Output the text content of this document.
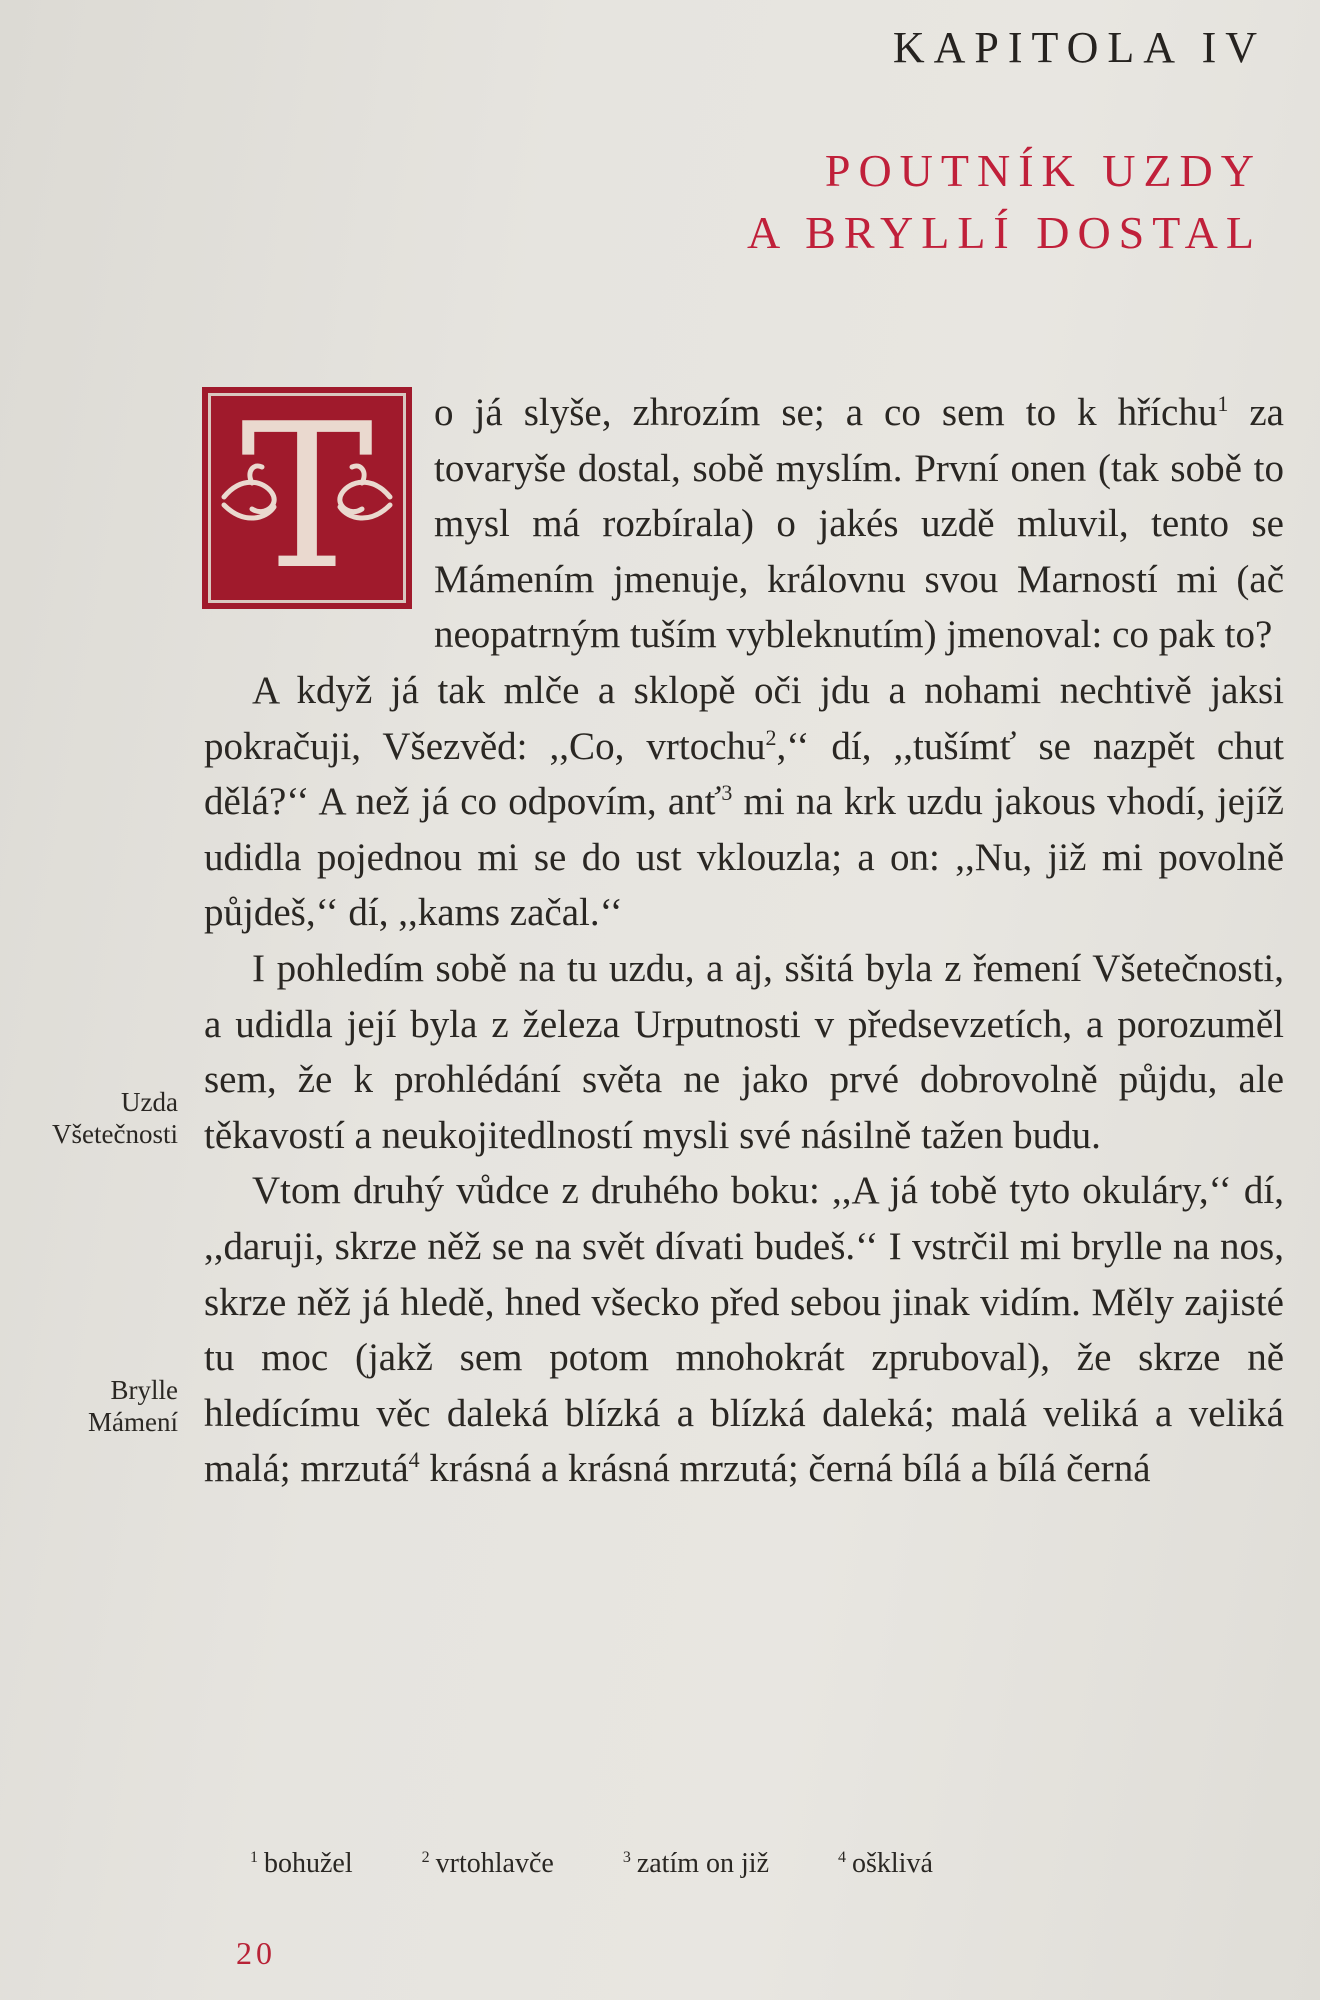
KAPITOLA IV
POUTNÍK UZDY
A BRYLLÍ DOSTAL

T	o já slyše, zhrozím se; a co sem to k hříchu$^1$ za tovaryše dostal, sobě myslím. První onen (tak sobě to mysl má rozbírala) o jakés uzdě mluvil, tento se Mámením jmenuje, královnu svou Marností mi (ač neopatrným tuším vybleknutím) jmenoval: co pak to?

A když já tak mlče a sklopě oči jdu a nohami nechtivě jaksi pokračuji, Všezvěd: ,,Co, vrtochu$^2$,‘‘ dí, ,,tušímť se nazpět chut dělá?‘‘ A než já co odpovím, anť$^3$ mi na krk uzdu jakous vhodí, jejíž udidla pojednou mi se do ust vklouzla; a on: ,,Nu, již mi povolně půjdeš,‘‘ dí, ,,kams začal.‘‘

I pohledím sobě na tu uzdu, a aj, sšitá byla z řemení Všetečnosti, a udidla její byla z železa Urputnosti v předsevzetích, a porozuměl sem, že k prohlédání světa ne jako prvé dobrovolně půjdu, ale těkavostí a neukojitedlností mysli své násilně tažen budu.

Vtom druhý vůdce z druhého boku: ,,A já tobě tyto okuláry,‘‘ dí, ,,daruji, skrze něž se na svět dívati budeš.‘‘ I vstrčil mi brylle na nos, skrze něž já hledě, hned všecko před sebou jinak vidím. Měly zajisté tu moc (jakž sem potom mnohokrát zpruboval), že skrze ně hledícímu věc daleká blízká a blízká daleká; malá veliká a veliká malá; mrzutá$^4$ krásná a krásná mrzutá; černá bílá a bílá černá

Uzda
Všetečnosti
Brylle
Mámení
$^1$ bohužel	$^2$ vrtohlavče	$^3$ zatím on již	$^4$ ošklivá
20
